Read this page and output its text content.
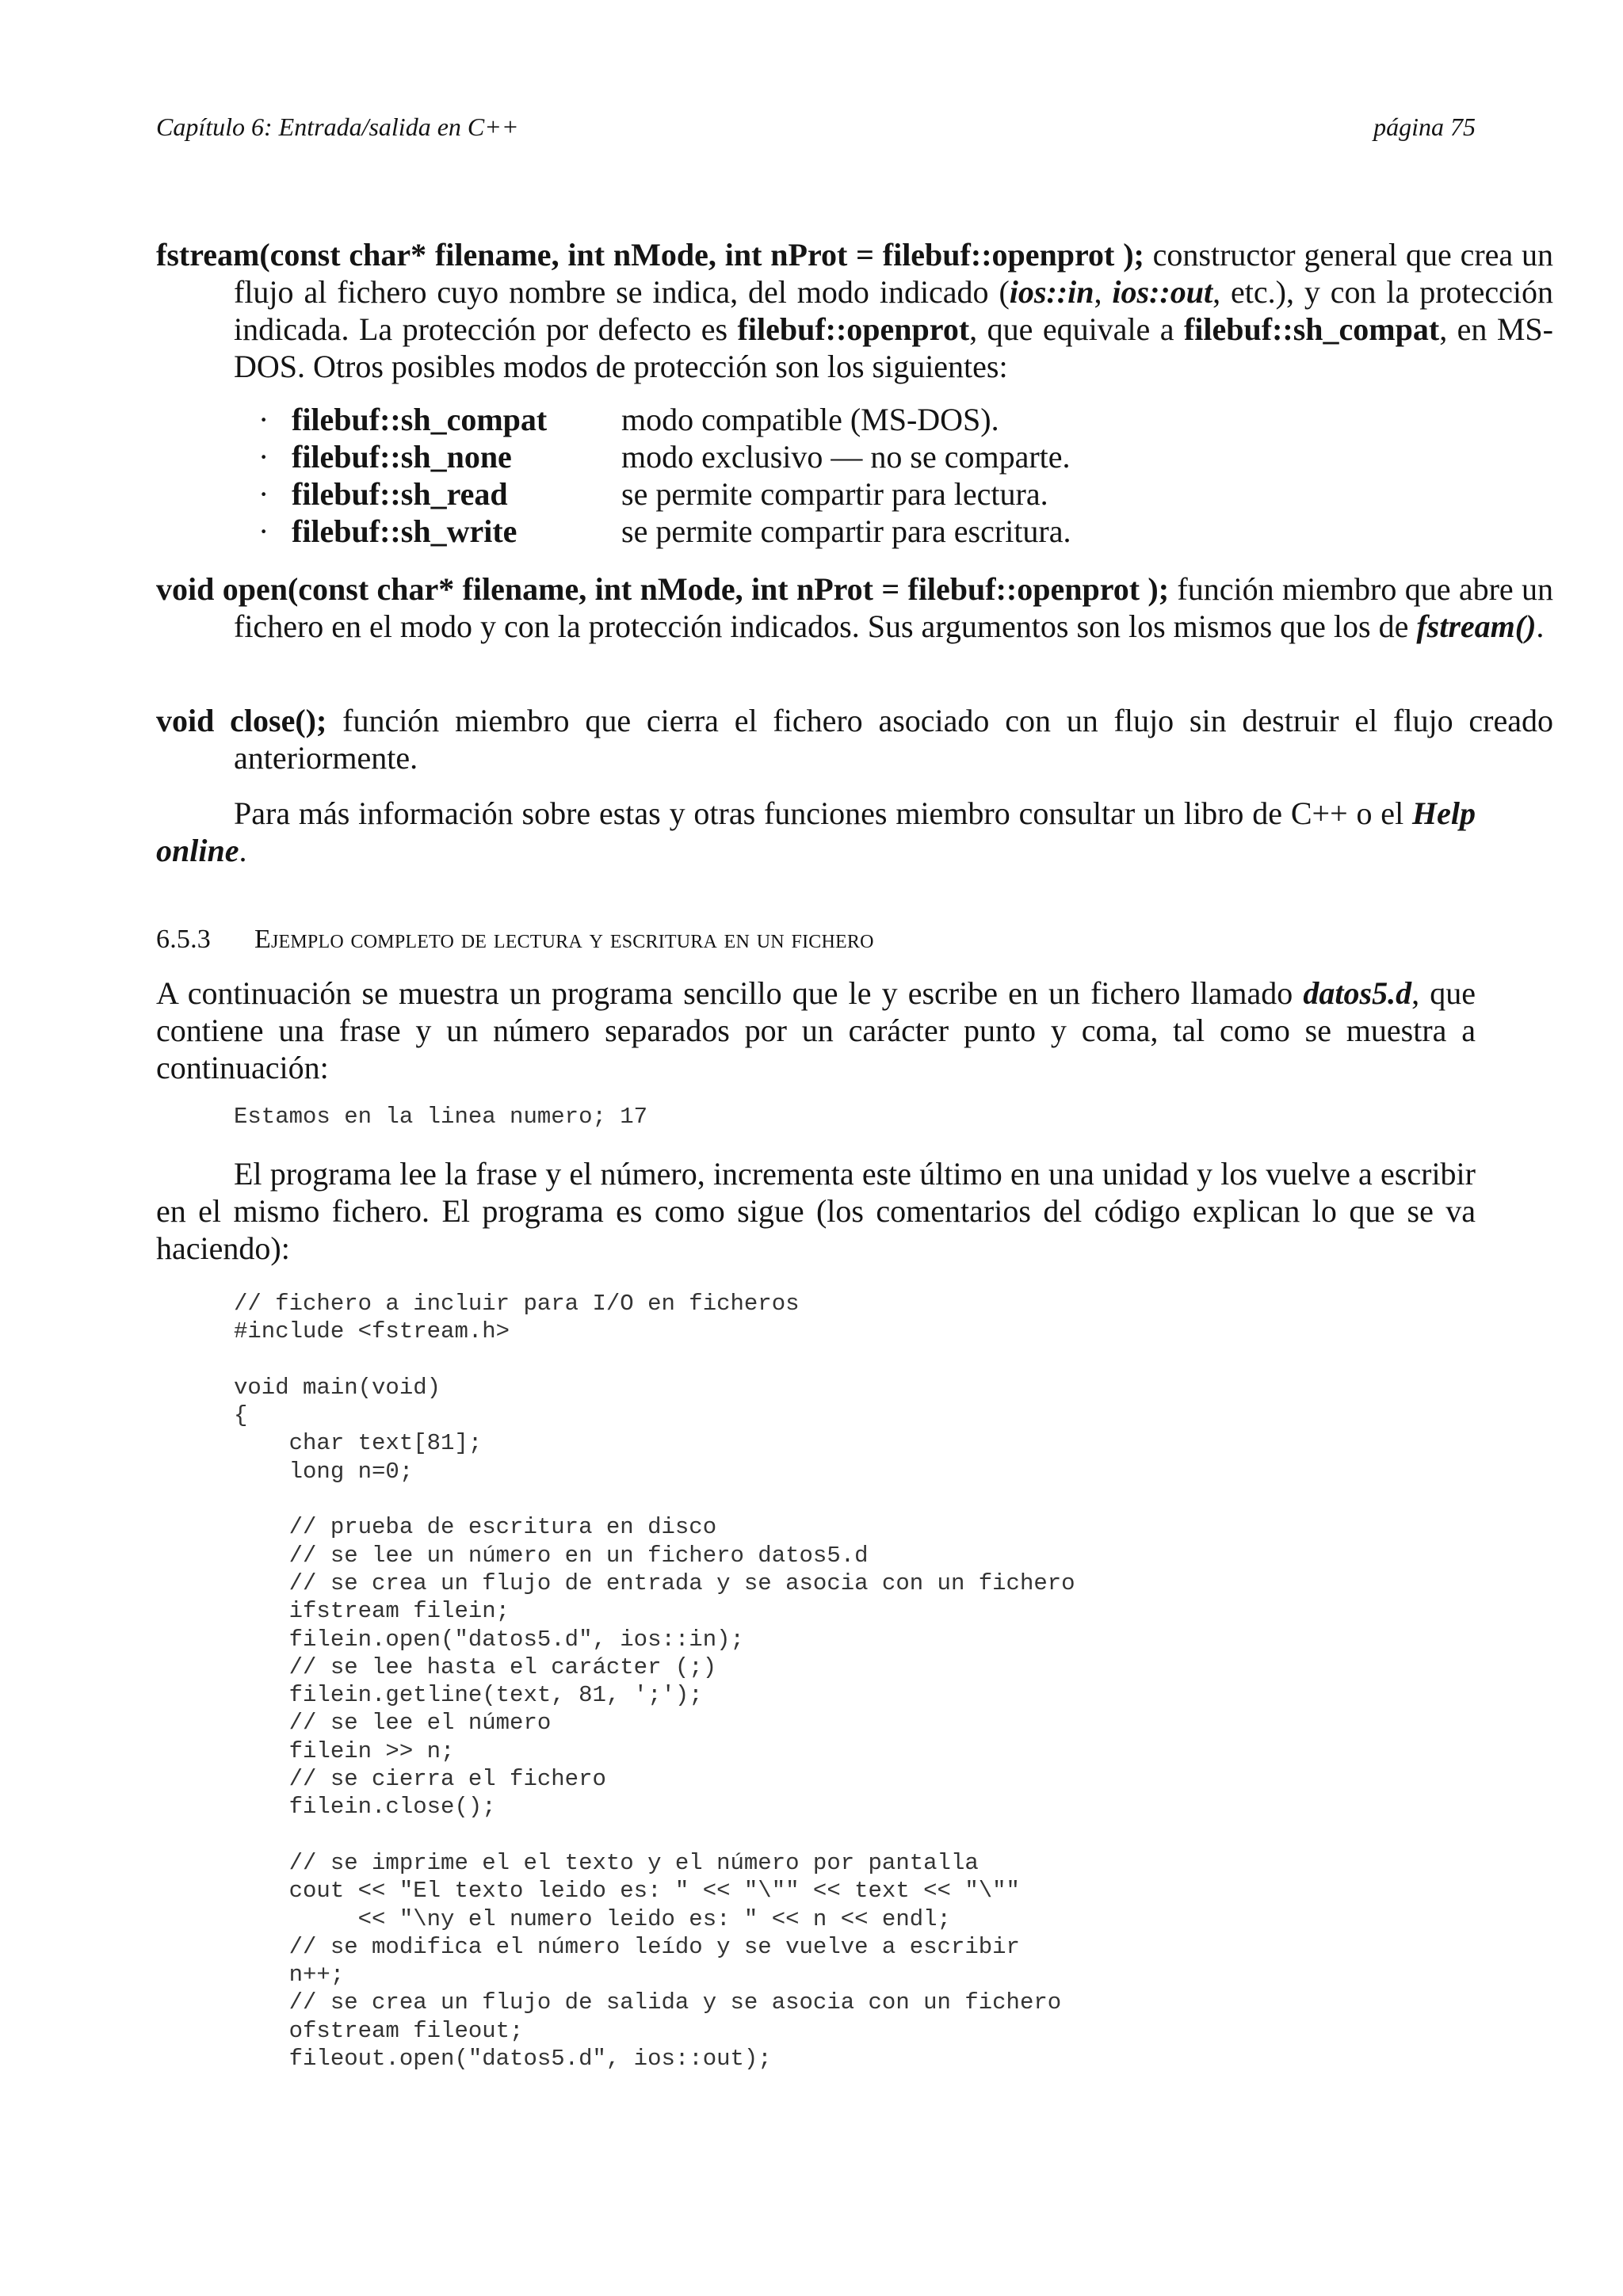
Capítulo 6: Entrada/salida en C++	página 75
fstream(const char* filename, int nMode, int nProt = filebuf::openprot ); constructor general que crea un flujo al fichero cuyo nombre se indica, del modo indicado (ios::in, ios::out, etc.), y con la protección indicada. La protección por defecto es filebuf::openprot, que equivale a filebuf::sh_compat, en MS-DOS. Otros posibles modos de protección son los siguientes:
· filebuf::sh_compat	modo compatible (MS-DOS).
· filebuf::sh_none	modo exclusivo — no se comparte.
· filebuf::sh_read	se permite compartir para lectura.
· filebuf::sh_write	se permite compartir para escritura.
void open(const char* filename, int nMode, int nProt = filebuf::openprot ); función miembro que abre un fichero en el modo y con la protección indicados. Sus argumentos son los mismos que los de fstream().
void close(); función miembro que cierra el fichero asociado con un flujo sin destruir el flujo creado anteriormente.
Para más información sobre estas y otras funciones miembro consultar un libro de C++ o el Help online.
6.5.3 Ejemplo completo de lectura y escritura en un fichero
A continuación se muestra un programa sencillo que le y escribe en un fichero llamado datos5.d, que contiene una frase y un número separados por un carácter punto y coma, tal como se muestra a continuación:
Estamos en la linea numero; 17
El programa lee la frase y el número, incrementa este último en una unidad y los vuelve a escribir en el mismo fichero. El programa es como sigue (los comentarios del código explican lo que se va haciendo):
// fichero a incluir para I/O en ficheros
#include <fstream.h>

void main(void)
{
char text[81];
long n=0;

// prueba de escritura en disco
// se lee un número en un fichero datos5.d
// se crea un flujo de entrada y se asocia con un fichero
ifstream filein;
filein.open("datos5.d", ios::in);
// se lee hasta el carácter (;)
filein.getline(text, 81, ';');
// se lee el número
filein >> n;
// se cierra el fichero
filein.close();

// se imprime el el texto y el número por pantalla
cout << "El texto leido es: " << "\"" << text << "\""
<< "\ny el numero leido es: " << n << endl;
// se modifica el número leído y se vuelve a escribir
n++;
// se crea un flujo de salida y se asocia con un fichero
ofstream fileout;
fileout.open("datos5.d", ios::out);
